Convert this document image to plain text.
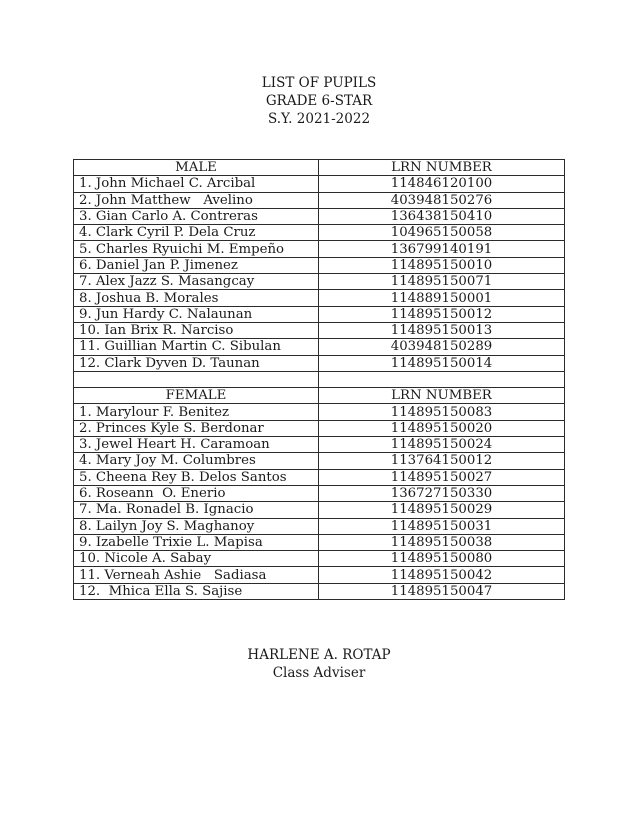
LIST OF PUPILS
GRADE 6-STAR
S.Y. 2021-2022
MALE	LRN NUMBER
1. John Michael C. Arcibal	114846120100
2. John Matthew   Avelino	403948150276
3. Gian Carlo A. Contreras	136438150410
4. Clark Cyril P. Dela Cruz	104965150058
5. Charles Ryuichi M. Empeño	136799140191
6. Daniel Jan P. Jimenez	114895150010
7. Alex Jazz S. Masangcay	114895150071
8. Joshua B. Morales	114889150001
9. Jun Hardy C. Nalaunan	114895150012
10. Ian Brix R. Narciso	114895150013
11. Guillian Martin C. Sibulan	403948150289
12. Clark Dyven D. Taunan	114895150014

FEMALE	LRN NUMBER
1. Marylour F. Benitez	114895150083
2. Princes Kyle S. Berdonar	114895150020
3. Jewel Heart H. Caramoan	114895150024
4. Mary Joy M. Columbres	113764150012
5. Cheena Rey B. Delos Santos	114895150027
6. Roseann  O. Enerio	136727150330
7. Ma. Ronadel B. Ignacio	114895150029
8. Lailyn Joy S. Maghanoy	114895150031
9. Izabelle Trixie L. Mapisa	114895150038
10. Nicole A. Sabay	114895150080
11. Verneah Ashie   Sadiasa	114895150042
12.  Mhica Ella S. Sajise	114895150047
HARLENE A. ROTAP
Class Adviser
